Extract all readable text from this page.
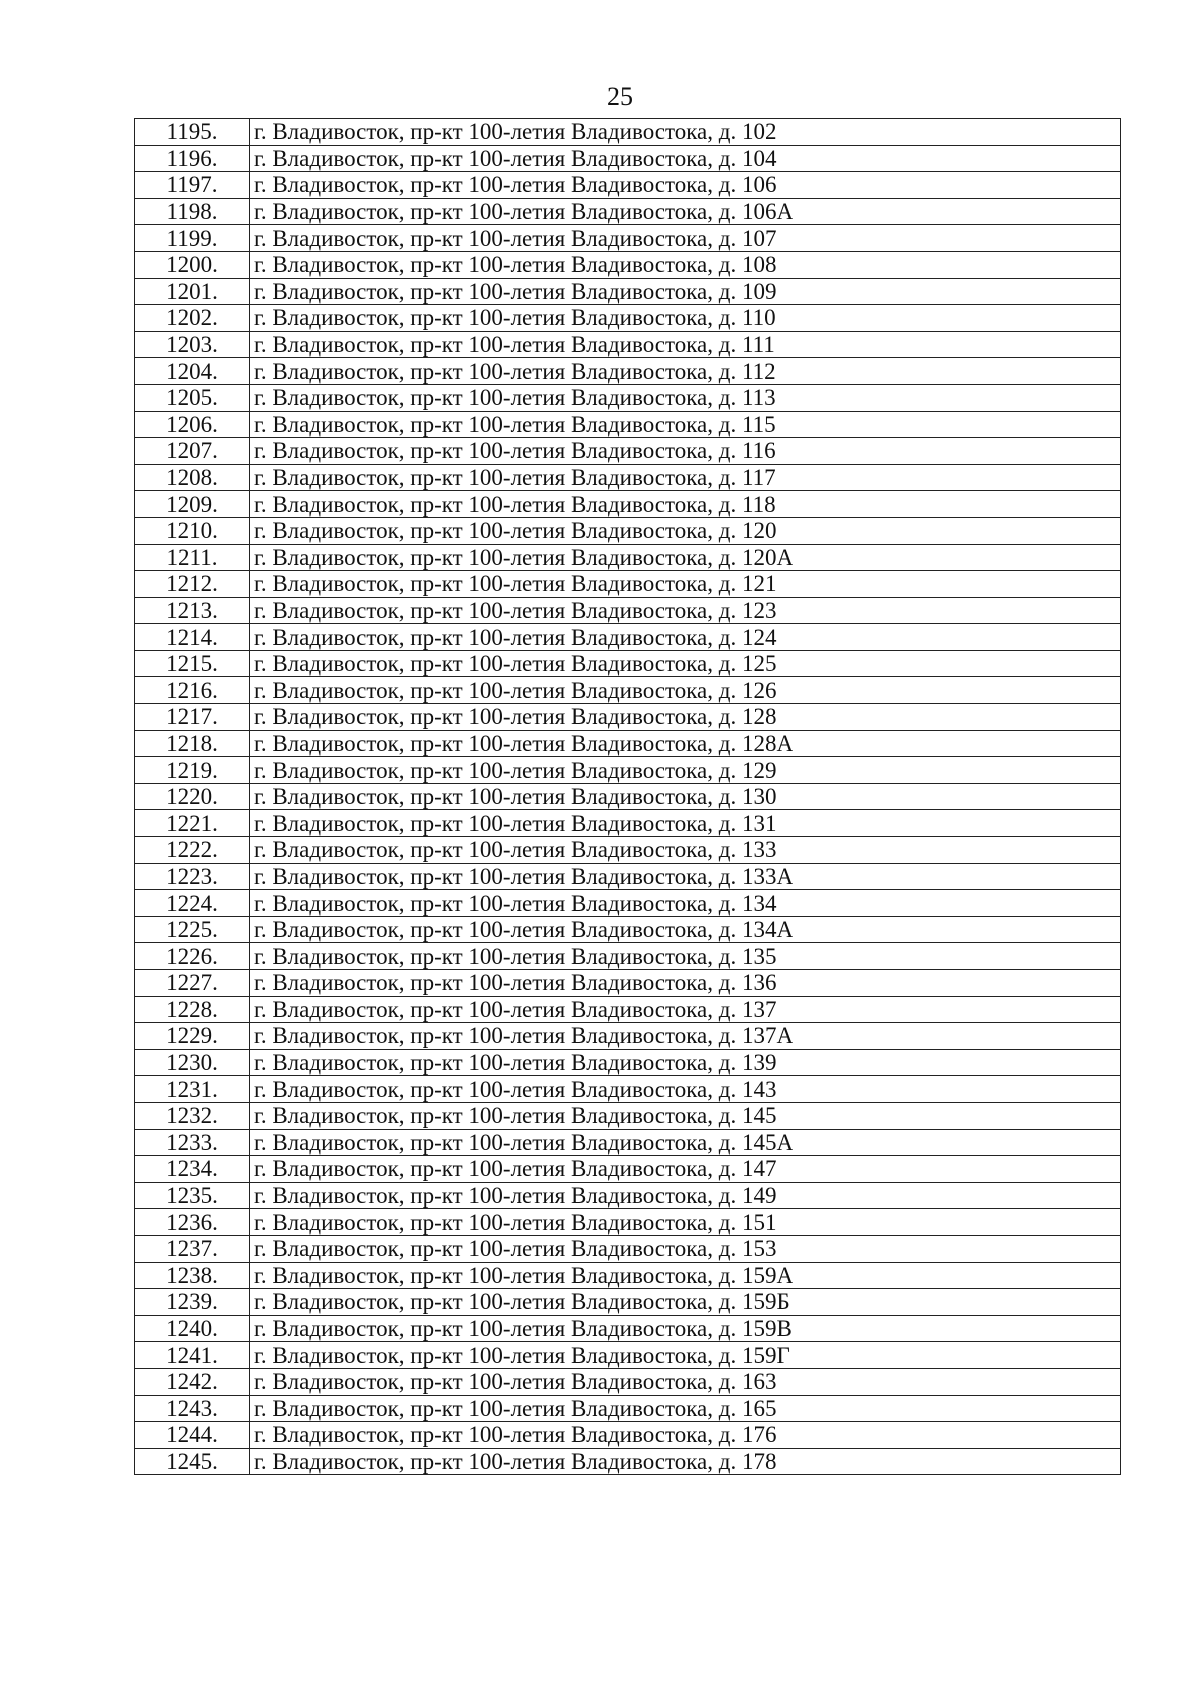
25
1195.	г. Владивосток, пр-кт 100-летия Владивостока, д. 102
1196.	г. Владивосток, пр-кт 100-летия Владивостока, д. 104
1197.	г. Владивосток, пр-кт 100-летия Владивостока, д. 106
1198.	г. Владивосток, пр-кт 100-летия Владивостока, д. 106А
1199.	г. Владивосток, пр-кт 100-летия Владивостока, д. 107
1200.	г. Владивосток, пр-кт 100-летия Владивостока, д. 108
1201.	г. Владивосток, пр-кт 100-летия Владивостока, д. 109
1202.	г. Владивосток, пр-кт 100-летия Владивостока, д. 110
1203.	г. Владивосток, пр-кт 100-летия Владивостока, д. 111
1204.	г. Владивосток, пр-кт 100-летия Владивостока, д. 112
1205.	г. Владивосток, пр-кт 100-летия Владивостока, д. 113
1206.	г. Владивосток, пр-кт 100-летия Владивостока, д. 115
1207.	г. Владивосток, пр-кт 100-летия Владивостока, д. 116
1208.	г. Владивосток, пр-кт 100-летия Владивостока, д. 117
1209.	г. Владивосток, пр-кт 100-летия Владивостока, д. 118
1210.	г. Владивосток, пр-кт 100-летия Владивостока, д. 120
1211.	г. Владивосток, пр-кт 100-летия Владивостока, д. 120А
1212.	г. Владивосток, пр-кт 100-летия Владивостока, д. 121
1213.	г. Владивосток, пр-кт 100-летия Владивостока, д. 123
1214.	г. Владивосток, пр-кт 100-летия Владивостока, д. 124
1215.	г. Владивосток, пр-кт 100-летия Владивостока, д. 125
1216.	г. Владивосток, пр-кт 100-летия Владивостока, д. 126
1217.	г. Владивосток, пр-кт 100-летия Владивостока, д. 128
1218.	г. Владивосток, пр-кт 100-летия Владивостока, д. 128А
1219.	г. Владивосток, пр-кт 100-летия Владивостока, д. 129
1220.	г. Владивосток, пр-кт 100-летия Владивостока, д. 130
1221.	г. Владивосток, пр-кт 100-летия Владивостока, д. 131
1222.	г. Владивосток, пр-кт 100-летия Владивостока, д. 133
1223.	г. Владивосток, пр-кт 100-летия Владивостока, д. 133А
1224.	г. Владивосток, пр-кт 100-летия Владивостока, д. 134
1225.	г. Владивосток, пр-кт 100-летия Владивостока, д. 134А
1226.	г. Владивосток, пр-кт 100-летия Владивостока, д. 135
1227.	г. Владивосток, пр-кт 100-летия Владивостока, д. 136
1228.	г. Владивосток, пр-кт 100-летия Владивостока, д. 137
1229.	г. Владивосток, пр-кт 100-летия Владивостока, д. 137А
1230.	г. Владивосток, пр-кт 100-летия Владивостока, д. 139
1231.	г. Владивосток, пр-кт 100-летия Владивостока, д. 143
1232.	г. Владивосток, пр-кт 100-летия Владивостока, д. 145
1233.	г. Владивосток, пр-кт 100-летия Владивостока, д. 145А
1234.	г. Владивосток, пр-кт 100-летия Владивостока, д. 147
1235.	г. Владивосток, пр-кт 100-летия Владивостока, д. 149
1236.	г. Владивосток, пр-кт 100-летия Владивостока, д. 151
1237.	г. Владивосток, пр-кт 100-летия Владивостока, д. 153
1238.	г. Владивосток, пр-кт 100-летия Владивостока, д. 159А
1239.	г. Владивосток, пр-кт 100-летия Владивостока, д. 159Б
1240.	г. Владивосток, пр-кт 100-летия Владивостока, д. 159В
1241.	г. Владивосток, пр-кт 100-летия Владивостока, д. 159Г
1242.	г. Владивосток, пр-кт 100-летия Владивостока, д. 163
1243.	г. Владивосток, пр-кт 100-летия Владивостока, д. 165
1244.	г. Владивосток, пр-кт 100-летия Владивостока, д. 176
1245.	г. Владивосток, пр-кт 100-летия Владивостока, д. 178
